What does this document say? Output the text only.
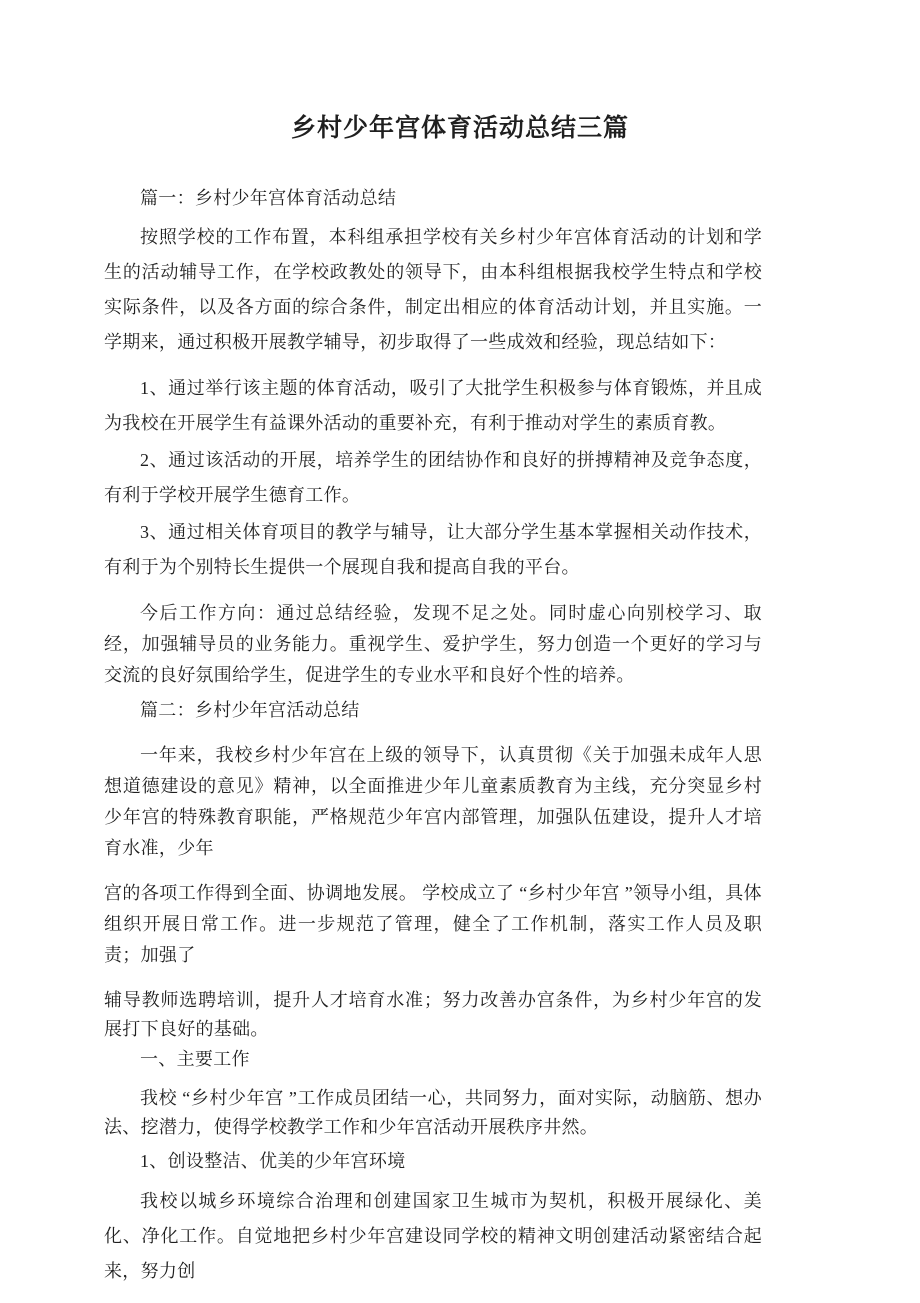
乡村少年宫体育活动总结三篇

篇一：乡村少年宫体育活动总结

按照学校的工作布置，本科组承担学校有关乡村少年宫体育活动的计划和学生的活动辅导工作，在学校政教处的领导下，由本科组根据我校学生特点和学校实际条件，以及各方面的综合条件，制定出相应的体育活动计划，并且实施。一学期来，通过积极开展教学辅导，初步取得了一些成效和经验，现总结如下：

1、通过举行该主题的体育活动，吸引了大批学生积极参与体育锻炼，并且成为我校在开展学生有益课外活动的重要补充，有利于推动对学生的素质育教。

2、通过该活动的开展，培养学生的团结协作和良好的拼搏精神及竞争态度，有利于学校开展学生德育工作。

3、通过相关体育项目的教学与辅导，让大部分学生基本掌握相关动作技术，有利于为个别特长生提供一个展现自我和提高自我的平台。

今后工作方向：通过总结经验，发现不足之处。同时虚心向别校学习、取经，加强辅导员的业务能力。重视学生、爱护学生，努力创造一个更好的学习与交流的良好氛围给学生，促进学生的专业水平和良好个性的培养。

篇二：乡村少年宫活动总结

一年来，我校乡村少年宫在上级的领导下，认真贯彻《关于加强未成年人思想道德建设的意见》精神，以全面推进少年儿童素质教育为主线，充分突显乡村少年宫的特殊教育职能，严格规范少年宫内部管理，加强队伍建设，提升人才培育水准，少年

宫的各项工作得到全面、协调地发展。 学校成立了 “乡村少年宫 ”领导小组，具体组织开展日常工作。进一步规范了管理，健全了工作机制，落实工作人员及职责；加强了

辅导教师选聘培训，提升人才培育水准；努力改善办宫条件，为乡村少年宫的发展打下良好的基础。

一、主要工作

我校 “乡村少年宫 ”工作成员团结一心，共同努力，面对实际，动脑筋、想办法、挖潜力，使得学校教学工作和少年宫活动开展秩序井然。

1、创设整洁、优美的少年宫环境

我校以城乡环境综合治理和创建国家卫生城市为契机，积极开展绿化、美化、净化工作。自觉地把乡村少年宫建设同学校的精神文明创建活动紧密结合起来，努力创
